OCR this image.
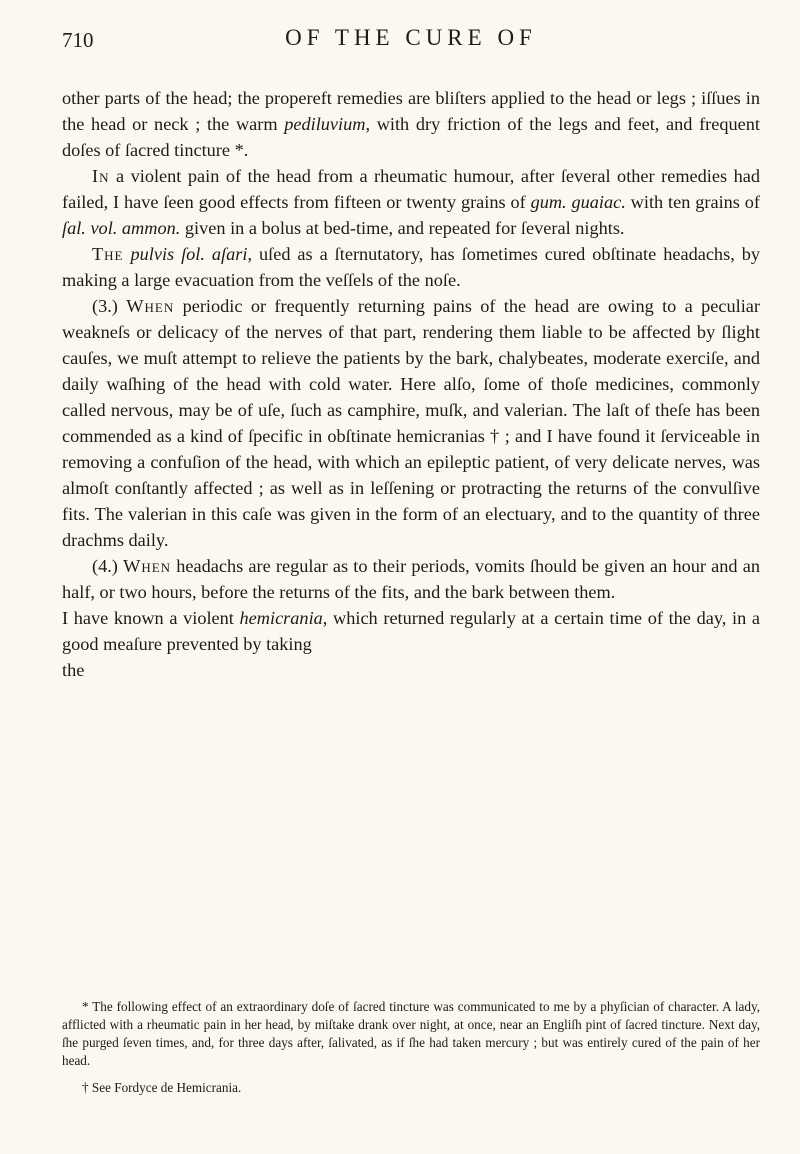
710	OF THE CURE OF

other parts of the head; the propereft remedies are bliſters applied to the head or legs ; iſſues in the head or neck ; the warm pediluvium, with dry friction of the legs and feet, and frequent doſes of ſacred tincture *.

In a violent pain of the head from a rheumatic humour, after ſeveral other remedies had failed, I have ſeen good effects from fifteen or twenty grains of gum. guaiac. with ten grains of ſal. vol. ammon. given in a bolus at bed-time, and repeated for ſeveral nights.

The pulvis ſol. aſari, uſed as a ſternutatory, has ſometimes cured obſtinate headachs, by making a large evacuation from the veſſels of the noſe.

(3.) When periodic or frequently returning pains of the head are owing to a peculiar weakneſs or delicacy of the nerves of that part, rendering them liable to be affected by ſlight cauſes, we muſt attempt to relieve the patients by the bark, chalybeates, moderate exerciſe, and daily waſhing of the head with cold water. Here alſo, ſome of thoſe medicines, commonly called nervous, may be of uſe, ſuch as camphire, muſk, and valerian. The laſt of theſe has been commended as a kind of ſpecific in obſtinate hemicranias † ; and I have found it ſerviceable in removing a confuſion of the head, with which an epileptic patient, of very delicate nerves, was almoſt conſtantly affected ; as well as in leſſening or protracting the returns of the convulſive fits. The valerian in this caſe was given in the form of an electuary, and to the quantity of three drachms daily.

(4.) When headachs are regular as to their periods, vomits ſhould be given an hour and an half, or two hours, before the returns of the fits, and the bark between them.

I have known a violent hemicrania, which returned regularly at a certain time of the day, in a good meaſure prevented by taking

the

* The following effect of an extraordinary doſe of ſacred tincture was communicated to me by a phyſician of character. A lady, afflicted with a rheumatic pain in her head, by miſtake drank over night, at once, near an Engliſh pint of ſacred tincture. Next day, ſhe purged ſeven times, and, for three days after, ſalivated, as if ſhe had taken mercury ; but was entirely cured of the pain of her head.

† See Fordyce de Hemicrania.
